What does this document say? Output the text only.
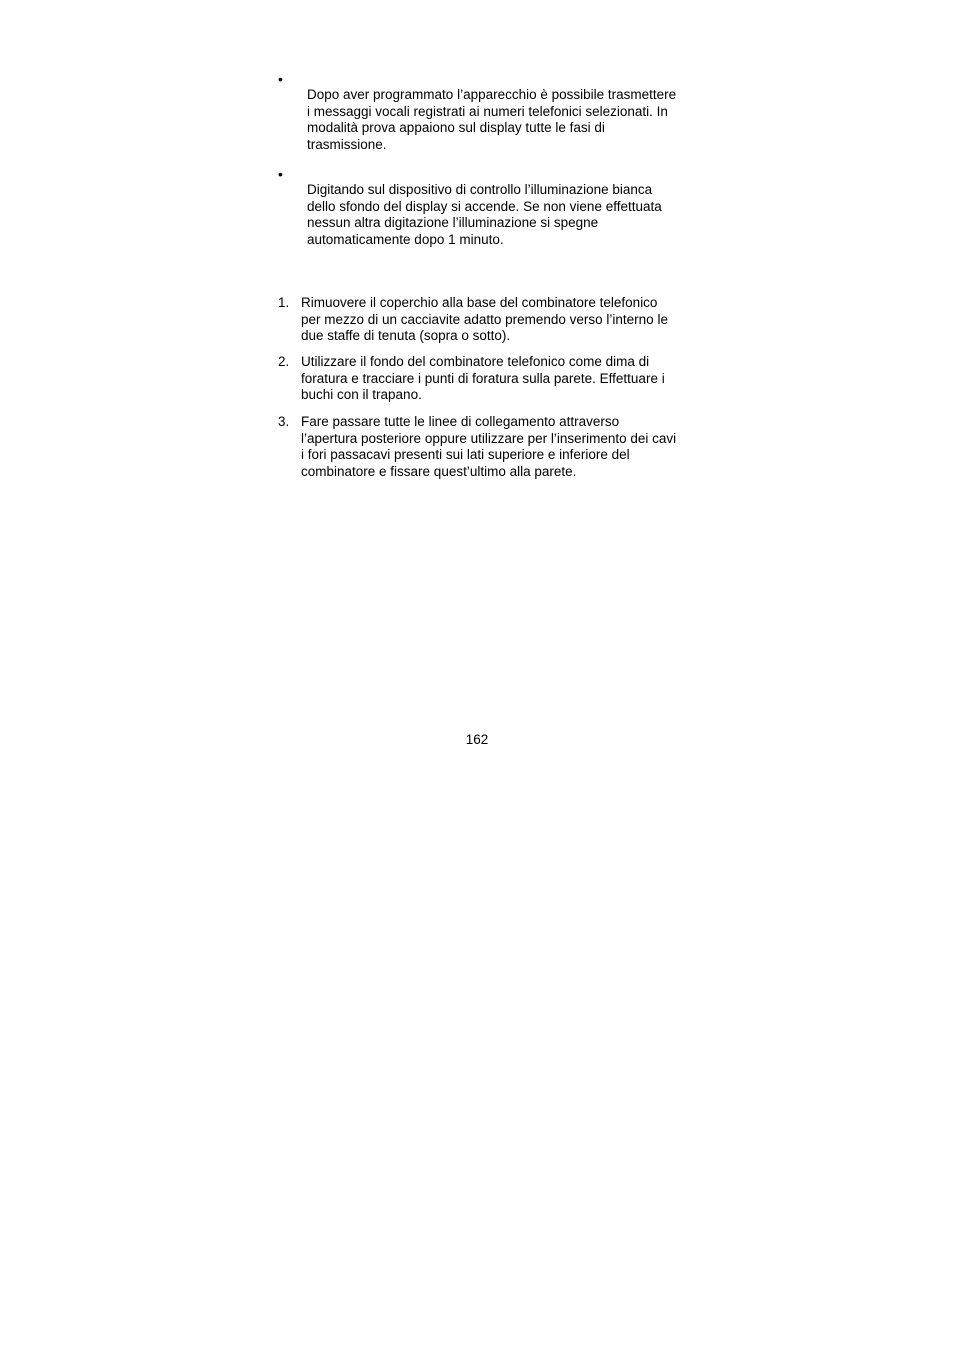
•
Dopo aver programmato l’apparecchio è possibile trasmettere
i messaggi vocali registrati ai numeri telefonici selezionati. In
modalità prova appaiono sul display tutte le fasi di
trasmissione.
•
Digitando sul dispositivo di controllo l’illuminazione bianca
dello sfondo del display si accende. Se non viene effettuata
nessun altra digitazione l’illuminazione si spegne
automaticamente dopo 1 minuto.
1. Rimuovere il coperchio alla base del combinatore telefonico
per mezzo di un cacciavite adatto premendo verso l’interno le
due staffe di tenuta (sopra o sotto).
2. Utilizzare il fondo del combinatore telefonico come dima di
foratura e tracciare i punti di foratura sulla parete. Effettuare i
buchi con il trapano.
3. Fare passare tutte le linee di collegamento attraverso
l’apertura posteriore oppure utilizzare per l’inserimento dei cavi
i fori passacavi presenti sui lati superiore e inferiore del
combinatore e fissare quest’ultimo alla parete.
162
